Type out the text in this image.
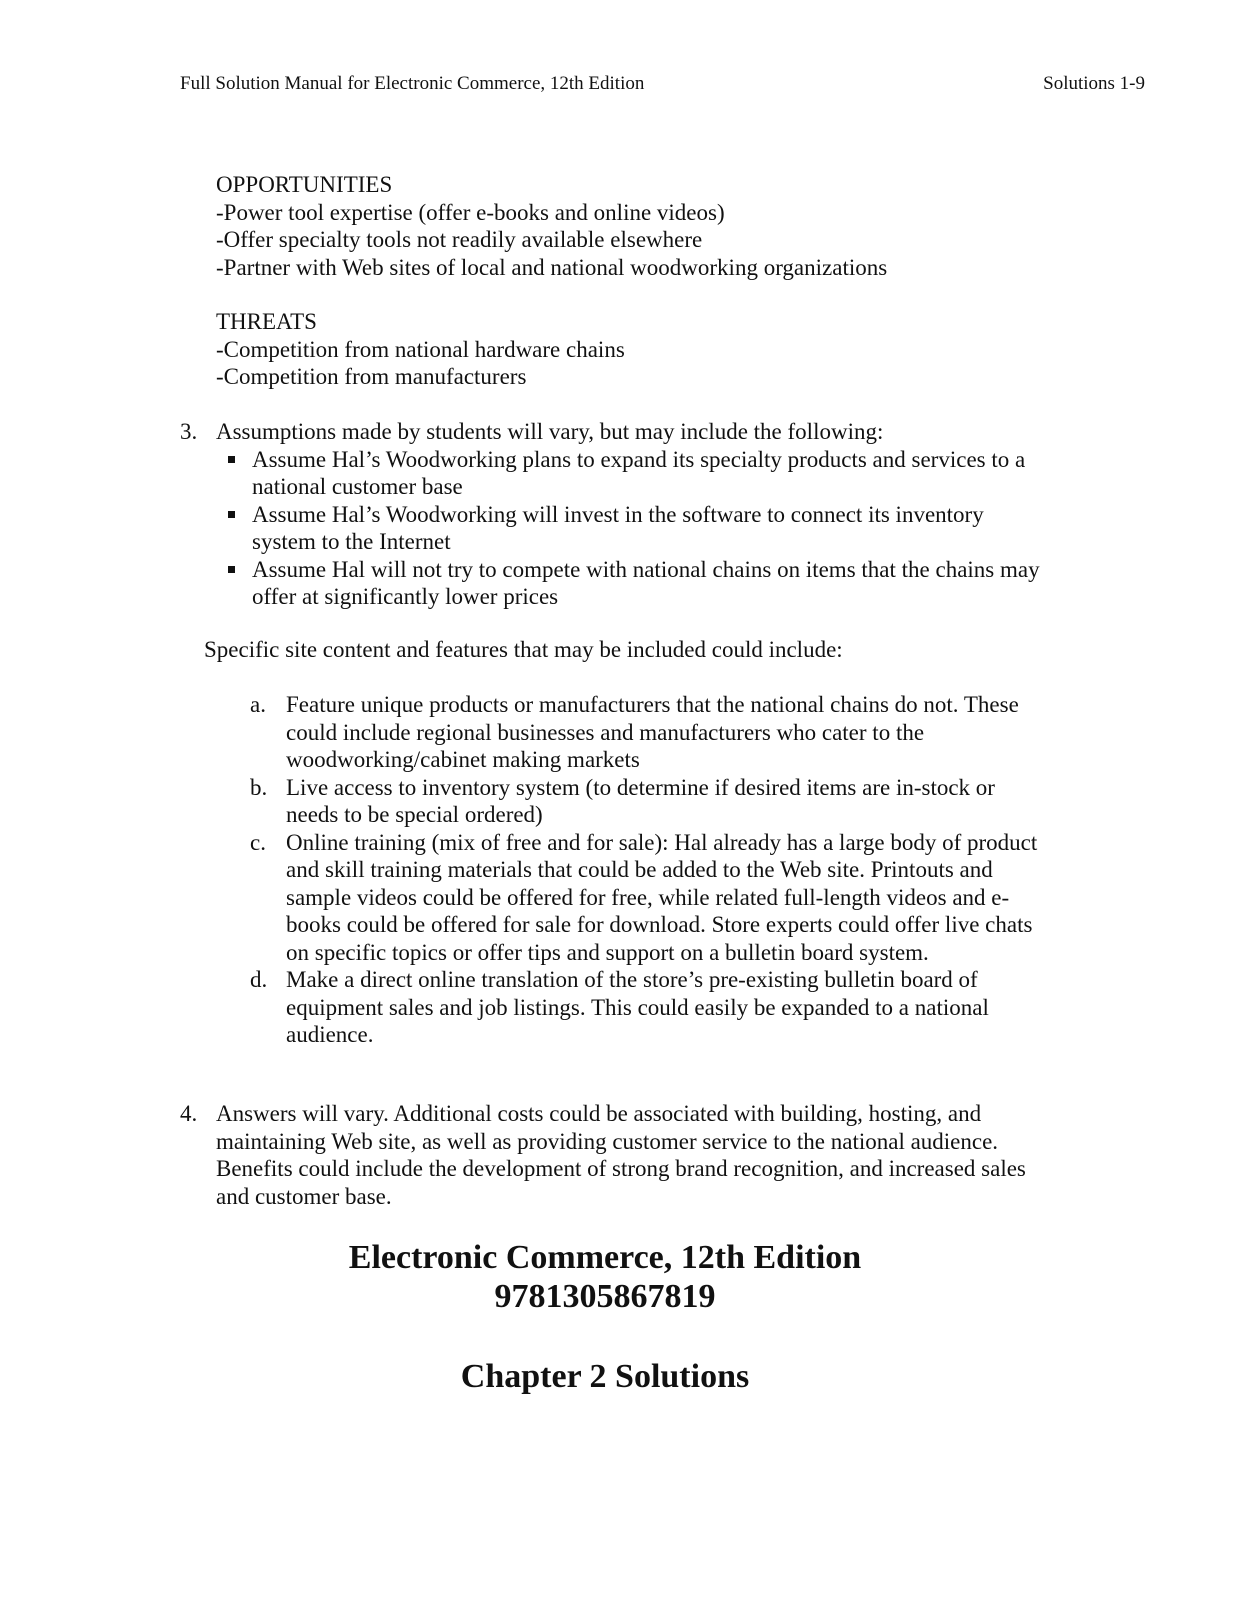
Full Solution Manual for Electronic Commerce, 12th Edition	Solutions 1-9
OPPORTUNITIES
-Power tool expertise (offer e-books and online videos)
-Offer specialty tools not readily available elsewhere
-Partner with Web sites of local and national woodworking organizations
THREATS
-Competition from national hardware chains
-Competition from manufacturers
3. Assumptions made by students will vary, but may include the following:
Assume Hal’s Woodworking plans to expand its specialty products and services to a national customer base
Assume Hal’s Woodworking will invest in the software to connect its inventory system to the Internet
Assume Hal will not try to compete with national chains on items that the chains may offer at significantly lower prices
Specific site content and features that may be included could include:
a. Feature unique products or manufacturers that the national chains do not. These could include regional businesses and manufacturers who cater to the woodworking/cabinet making markets
b. Live access to inventory system (to determine if desired items are in-stock or needs to be special ordered)
c. Online training (mix of free and for sale): Hal already has a large body of product and skill training materials that could be added to the Web site. Printouts and sample videos could be offered for free, while related full-length videos and e-books could be offered for sale for download. Store experts could offer live chats on specific topics or offer tips and support on a bulletin board system.
d. Make a direct online translation of the store’s pre-existing bulletin board of equipment sales and job listings. This could easily be expanded to a national audience.
4. Answers will vary. Additional costs could be associated with building, hosting, and maintaining Web site, as well as providing customer service to the national audience. Benefits could include the development of strong brand recognition, and increased sales and customer base.
Electronic Commerce, 12th Edition
9781305867819
Chapter 2 Solutions
